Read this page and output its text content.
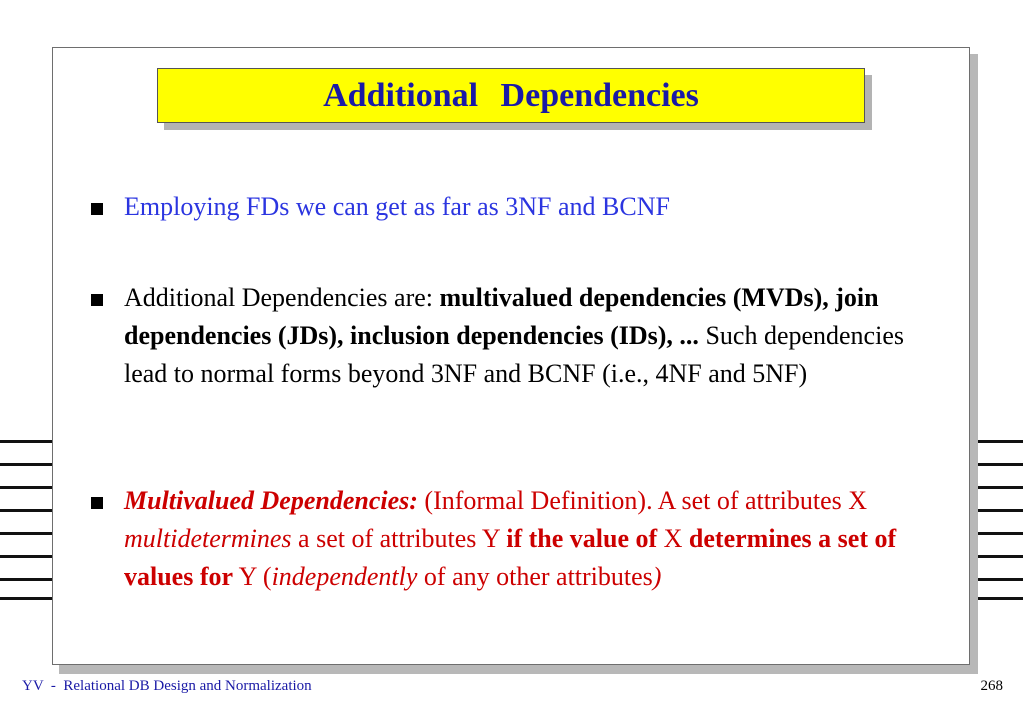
Additional Dependencies
Employing FDs we can get as far as 3NF and BCNF
Additional Dependencies are: multivalued dependencies (MVDs), join dependencies (JDs), inclusion dependencies (IDs), ... Such dependencies lead to normal forms beyond 3NF and BCNF (i.e., 4NF and 5NF)
Multivalued Dependencies: (Informal Definition). A set of attributes X multidetermines a set of attributes Y if the value of X determines a set of values for Y (independently of any other attributes)
YV  -  Relational DB Design and Normalization	268
